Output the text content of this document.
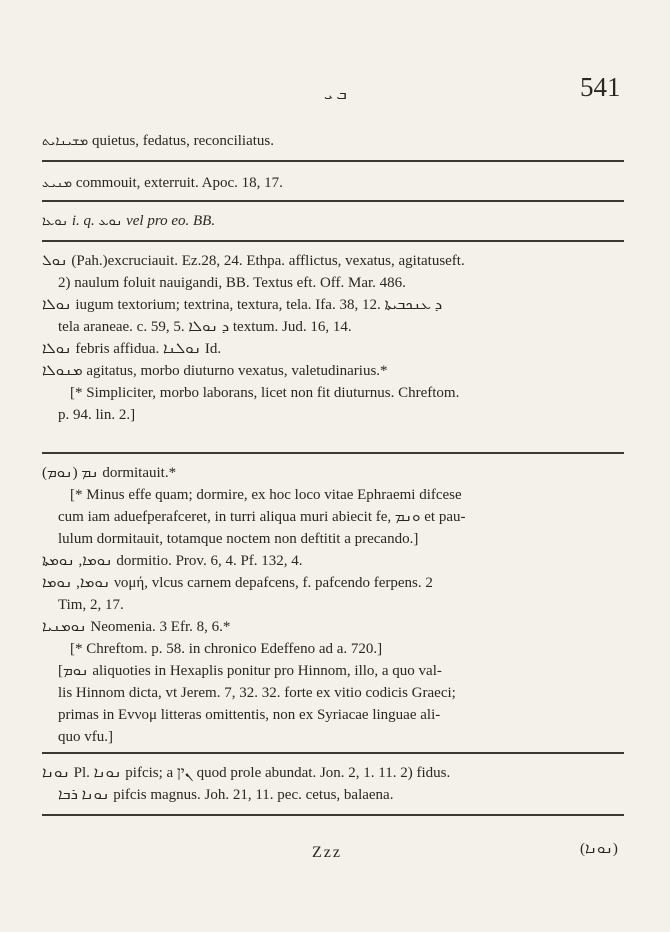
ܒ ܝ	541
ܡܫܝܢܐܝܬ quietus, fedatus, reconciliatus.
ܡܢܝܥ commouit, exterruit. Apoc. 18, 17.
ܢܘܥܐ i. q. ܢܘܥ vel pro eo. BB.
ܢܘܠ (Pah.)excruciauit. Ez.28, 24. Ethpa. afflictus, vexatus, agitatuseft.
2) naulum foluit nauigandi, BB. Textus eft. Off. Mar. 486.
ܢܘܠܐ iugum textorium; textrina, textura, tela. Ifa. 38, 12. ܕ ܥܢܟܒܝܬܐ
tela araneae. c. 59, 5. ܕ ܢܘܠܐ textum. Jud. 16, 14.
ܢܘܠܐ febris affidua. ܢܘܠܢܐ Id.
ܡܢܘܠܐ agitatus, morbo diuturno vexatus, valetudinarius.*
[* Simpliciter, morbo laborans, licet non fit diuturnus. Chreftom.
p. 94. lin. 2.]
(ܢܘܡ) ܢܡ dormitauit.*
[* Minus effe quam; dormire, ex hoc loco vitae Ephraemi difcese
cum iam aduefperafceret, in turri aliqua muri abiecit fe, ܘܢܡ et pau-
lulum dormitauit, totamque noctem non deftitit a precando.]
ܢܘܡܐ, ܢܘܡܬܐ dormitio. Prov. 6, 4. Pf. 132, 4.
ܢܘܡܐ, ܢܘܡܐ νομή, vlcus carnem depafcens, f. pafcendo ferpens. 2
Tim, 2, 17.
ܢܘܡܢܝܐ Neomenia. 3 Efr. 8, 6.*
[* Chreftom. p. 58. in chronico Edeffeno ad a. 720.]
[ܢܘܡ aliquoties in Hexaplis ponitur pro Hinnom, illo, a quo val-
lis Hinnom dicta, vt Jerem. 7, 32. 32. forte ex vitio codicis Graeci;
primas in Evνομ litteras omittentis, non ex Syriacae linguae ali-
quo vfu.]
ܢܘܢܐ Pl. ܢܘܢܐ pifcis; a ܢין quod prole abundat. Jon. 2, 1. 11. 2) fidus.
ܢܘܢܐ ܪܒܐ pifcis magnus. Joh. 21, 11. pec. cetus, balaena.
Zzz	(ܢܘܢܐ)
